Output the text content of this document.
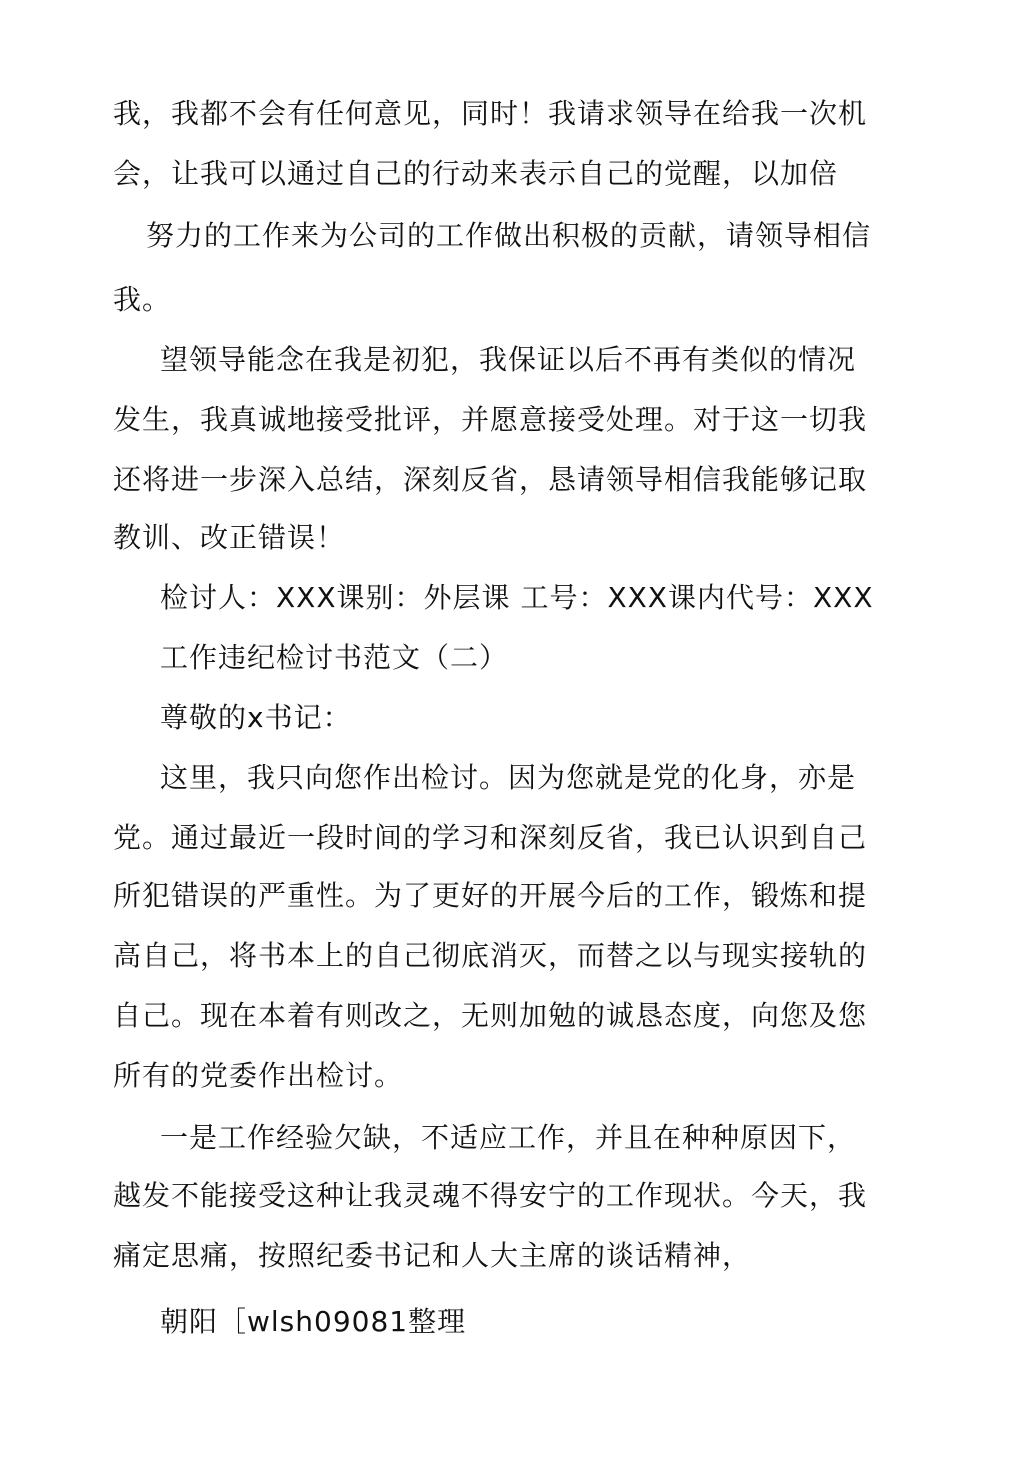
我，我都不会有任何意见，同时！我请求领导在给我一次机
会，让我可以通过自己的行动来表示自己的觉醒，以加倍
努力的工作来为公司的工作做出积极的贡献，请领导相信
我。
望领导能念在我是初犯，我保证以后不再有类似的情况
发生，我真诚地接受批评，并愿意接受处理。对于这一切我
还将进一步深入总结，深刻反省，恳请领导相信我能够记取
教训、改正错误！
检讨人：XXX课别：外层课 工号：XXX课内代号：XXX
工作违纪检讨书范文（二）
尊敬的x书记：
这里，我只向您作出检讨。因为您就是党的化身，亦是
党。通过最近一段时间的学习和深刻反省，我已认识到自己
所犯错误的严重性。为了更好的开展今后的工作，锻炼和提
高自己，将书本上的自己彻底消灭，而替之以与现实接轨的
自己。现在本着有则改之，无则加勉的诚恳态度，向您及您
所有的党委作出检讨。
一是工作经验欠缺，不适应工作，并且在种种原因下，
越发不能接受这种让我灵魂不得安宁的工作现状。今天，我
痛定思痛，按照纪委书记和人大主席的谈话精神，
朝阳［wlsh09081整理
